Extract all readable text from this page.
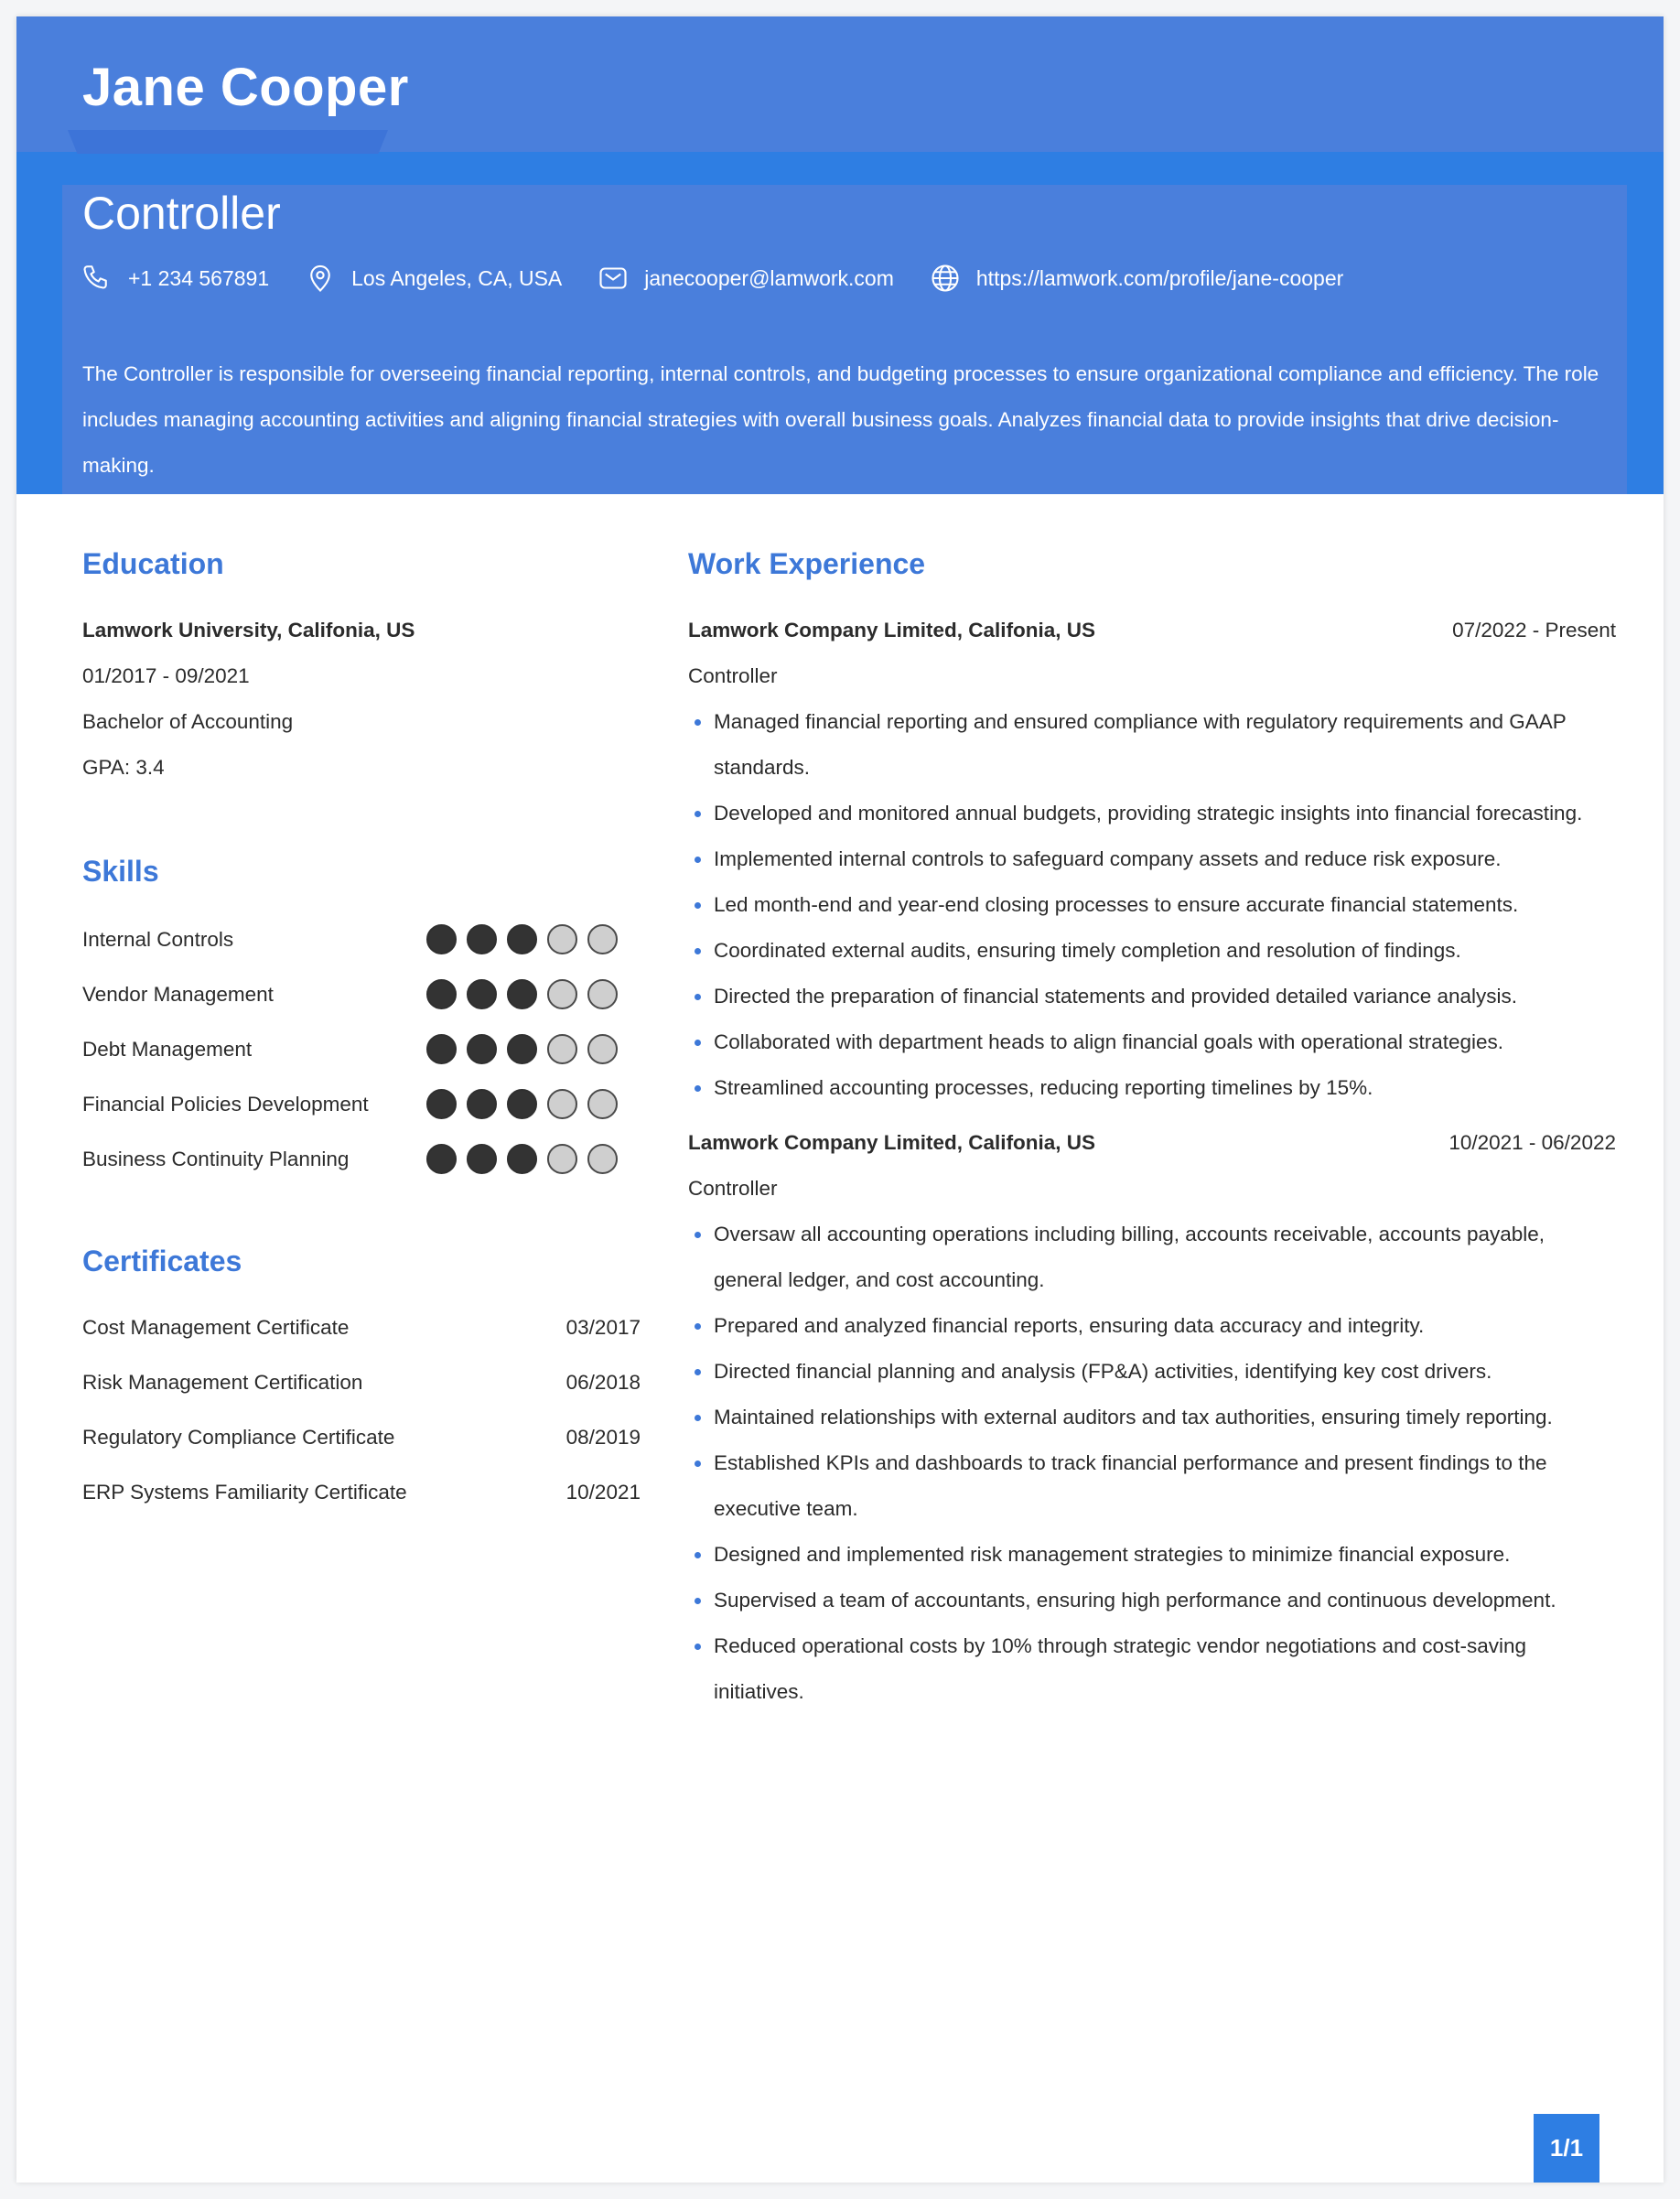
Jane Cooper
Controller
+1 234 567891	Los Angeles, CA, USA	janecooper@lamwork.com	https://lamwork.com/profile/jane-cooper

The Controller is responsible for overseeing financial reporting, internal controls, and budgeting processes to ensure organizational compliance and efficiency. The role includes managing accounting activities and aligning financial strategies with overall business goals. Analyzes financial data to provide insights that drive decision-making.

Education
Lamwork University, Califonia, US
01/2017 - 09/2021
Bachelor of Accounting
GPA: 3.4
Skills
Internal Controls
Vendor Management
Debt Management
Financial Policies Development
Business Continuity Planning
Certificates
Cost Management Certificate	03/2017
Risk Management Certification	06/2018
Regulatory Compliance Certificate	08/2019
ERP Systems Familiarity Certificate	10/2021
Work Experience
Lamwork Company Limited, Califonia, US	07/2022 - Present
Controller
Managed financial reporting and ensured compliance with regulatory requirements and GAAP standards.
Developed and monitored annual budgets, providing strategic insights into financial forecasting.
Implemented internal controls to safeguard company assets and reduce risk exposure.
Led month-end and year-end closing processes to ensure accurate financial statements.
Coordinated external audits, ensuring timely completion and resolution of findings.
Directed the preparation of financial statements and provided detailed variance analysis.
Collaborated with department heads to align financial goals with operational strategies.
Streamlined accounting processes, reducing reporting timelines by 15%.
Lamwork Company Limited, Califonia, US	10/2021 - 06/2022
Controller
Oversaw all accounting operations including billing, accounts receivable, accounts payable, general ledger, and cost accounting.
Prepared and analyzed financial reports, ensuring data accuracy and integrity.
Directed financial planning and analysis (FP&A) activities, identifying key cost drivers.
Maintained relationships with external auditors and tax authorities, ensuring timely reporting.
Established KPIs and dashboards to track financial performance and present findings to the executive team.
Designed and implemented risk management strategies to minimize financial exposure.
Supervised a team of accountants, ensuring high performance and continuous development.
Reduced operational costs by 10% through strategic vendor negotiations and cost-saving initiatives.
1/1
